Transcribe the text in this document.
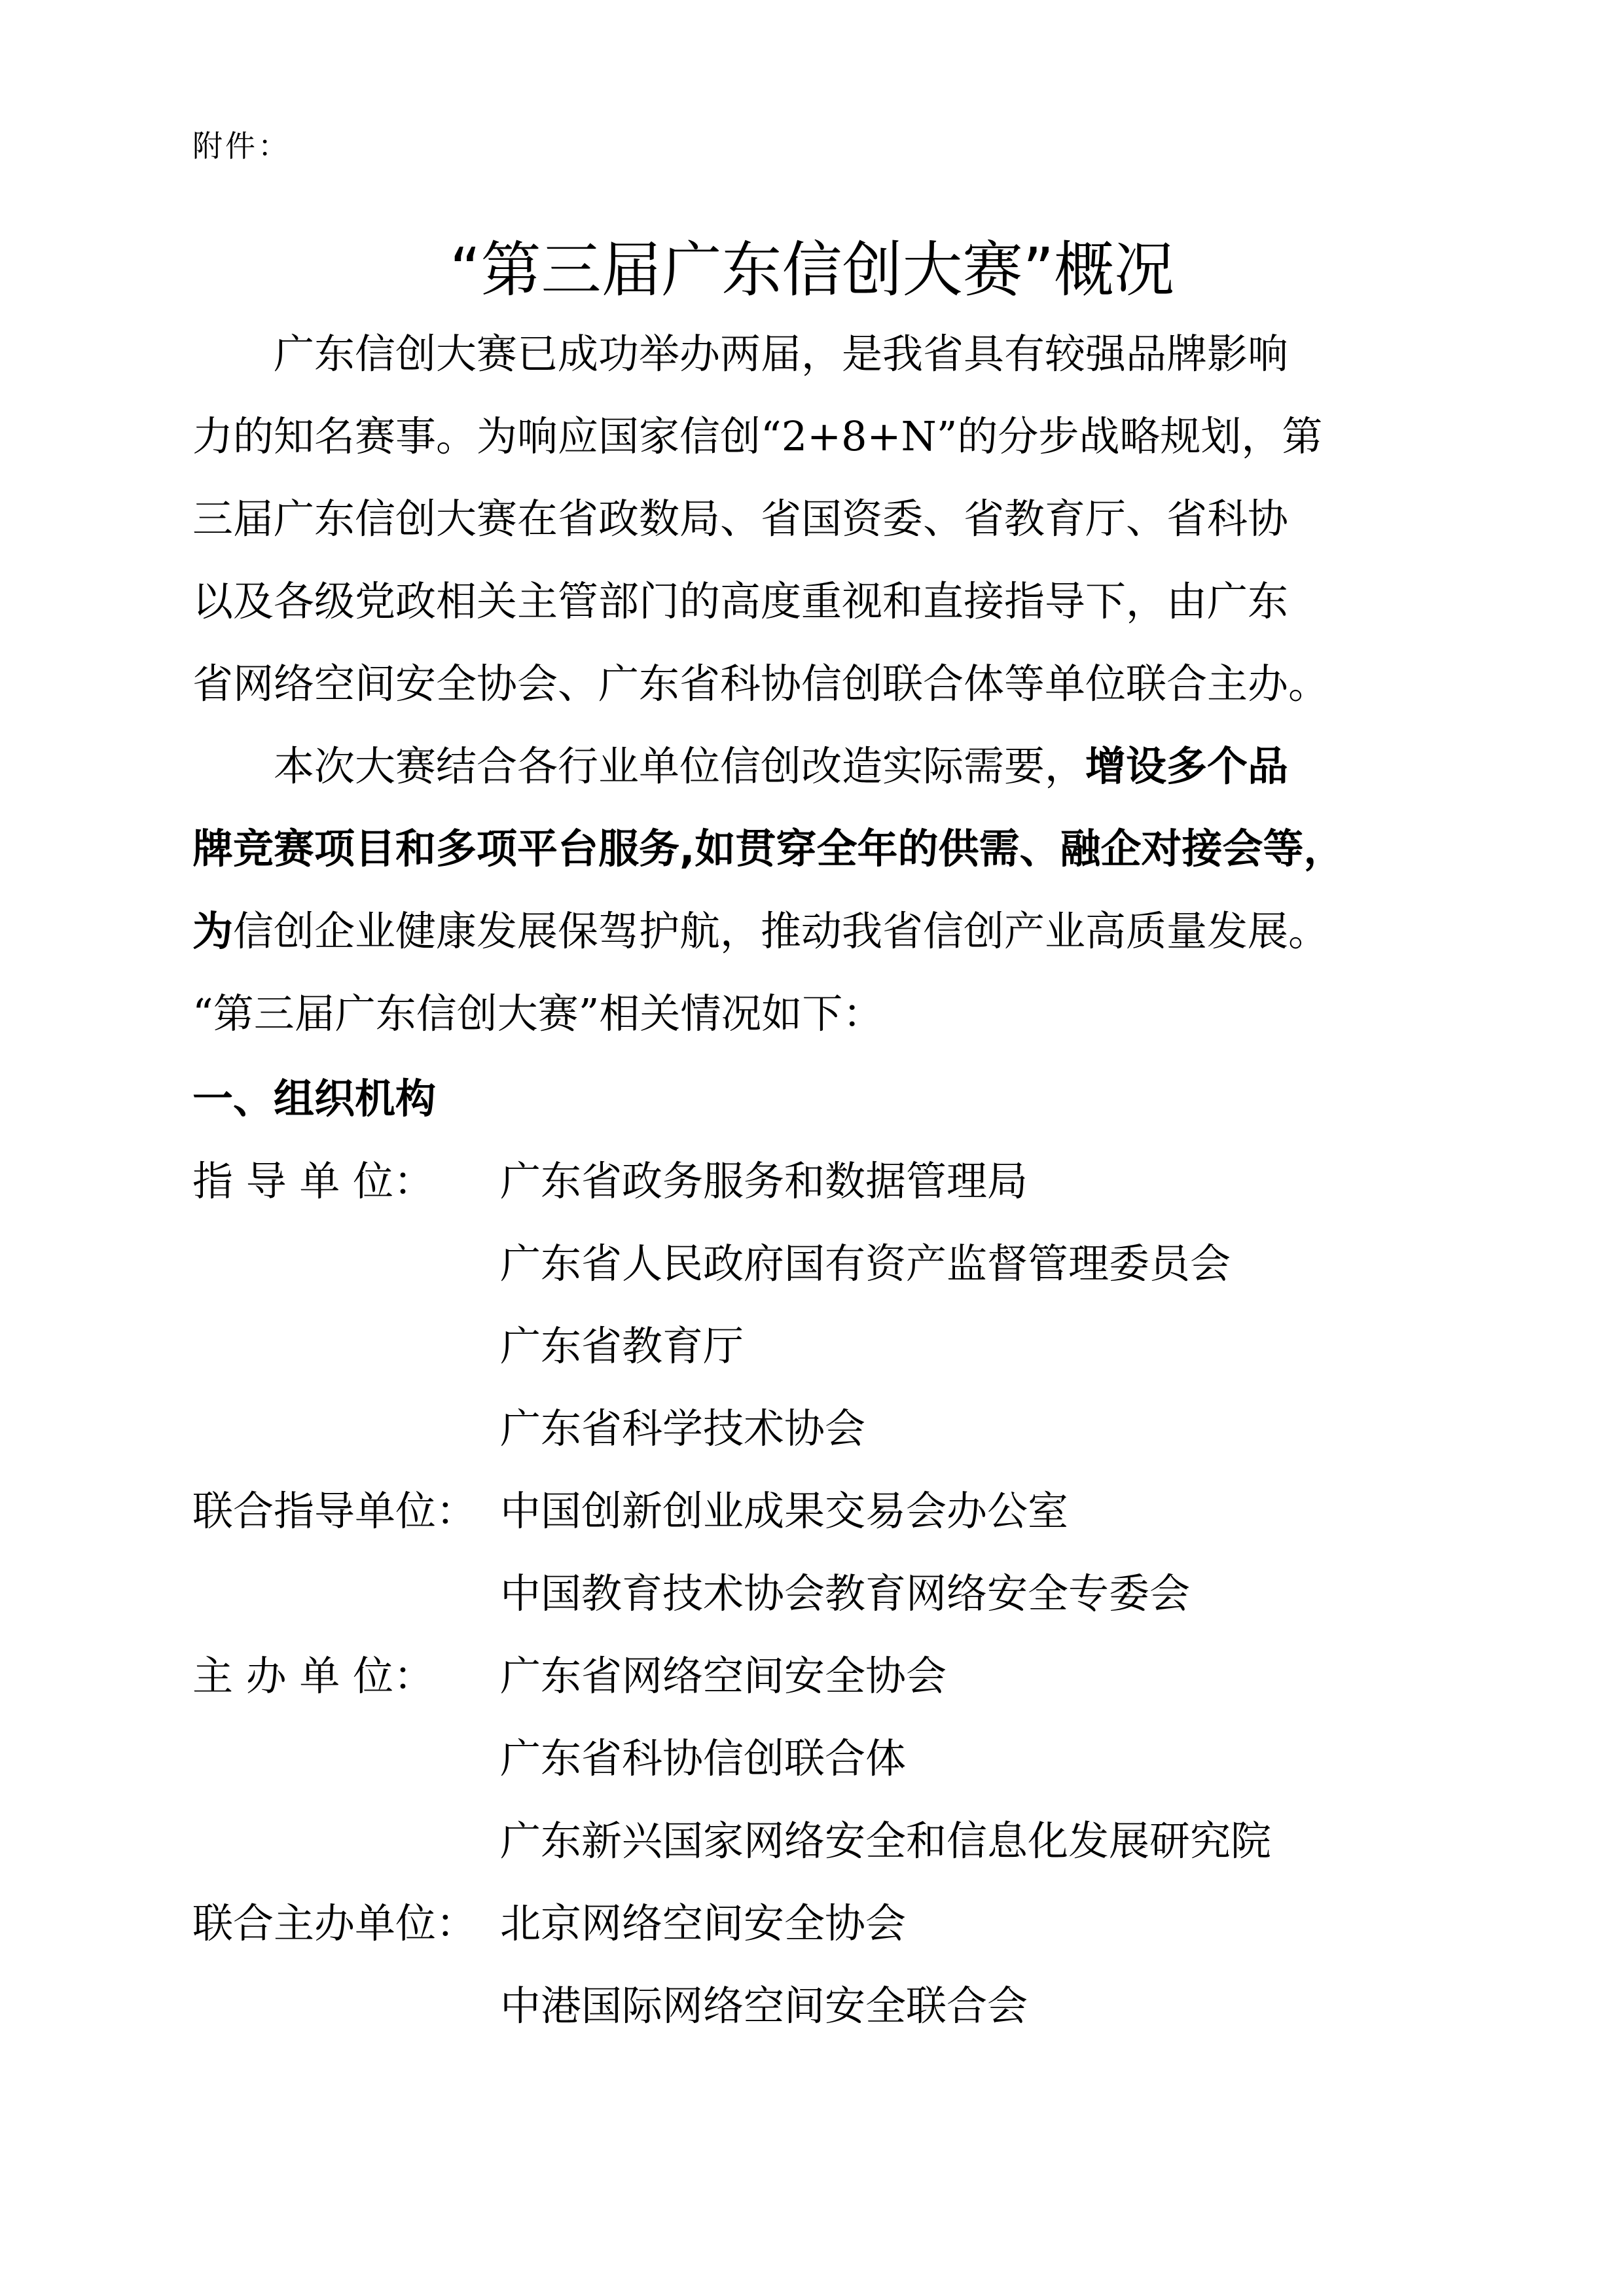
附件：
“第三届广东信创大赛”概况
广东信创大赛已成功举办两届，是我省具有较强品牌影响
力的知名赛事。为响应国家信创“2+8+N”的分步战略规划，第
三届广东信创大赛在省政数局、省国资委、省教育厅、省科协
以及各级党政相关主管部门的高度重视和直接指导下，由广东
省网络空间安全协会、广东省科协信创联合体等单位联合主办。
本次大赛结合各行业单位信创改造实际需要，增设多个品
牌竞赛项目和多项平台服务,如贯穿全年的供需、融企对接会等，
为信创企业健康发展保驾护航，推动我省信创产业高质量发展。
“第三届广东信创大赛”相关情况如下：
一、组织机构
指 导 单 位：	广东省政务服务和数据管理局
广东省人民政府国有资产监督管理委员会
广东省教育厅
广东省科学技术协会
联合指导单位： 中国创新创业成果交易会办公室
中国教育技术协会教育网络安全专委会
主 办 单 位：	广东省网络空间安全协会
广东省科协信创联合体
广东新兴国家网络安全和信息化发展研究院
联合主办单位： 北京网络空间安全协会
中港国际网络空间安全联合会
